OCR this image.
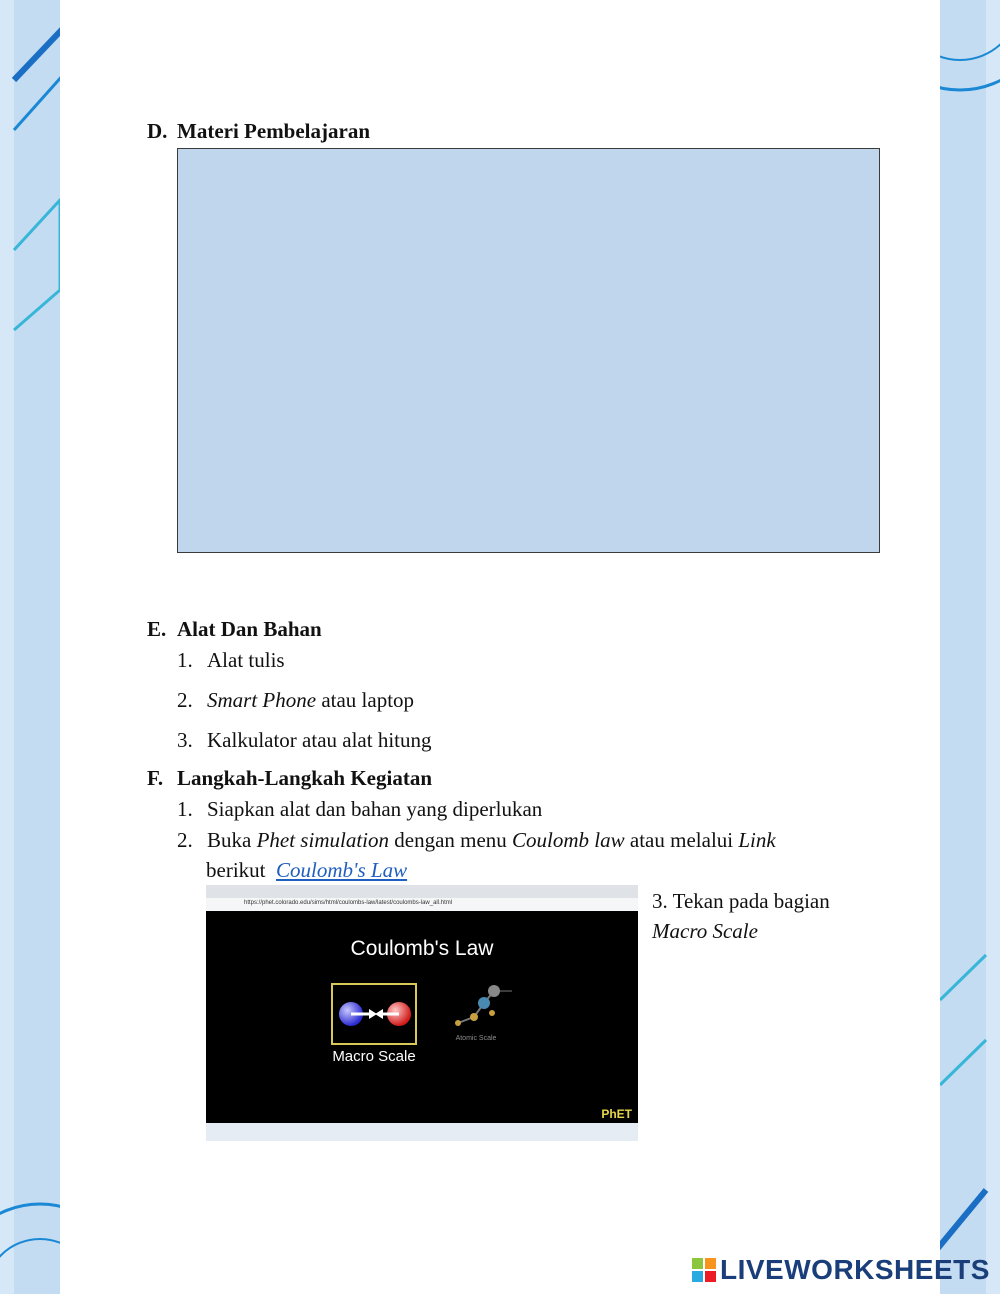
D. Materi Pembelajaran
E. Alat Dan Bahan
1. Alat tulis
2. Smart Phone atau laptop
3. Kalkulator atau alat hitung
F. Langkah-Langkah Kegiatan
1. Siapkan alat dan bahan yang diperlukan
2. Buka Phet simulation dengan menu Coulomb law atau melalui Link
berikut Coulomb's Law
https://phet.colorado.edu/sims/html/coulombs-law/latest/coulombs-law_all.html
Coulomb's Law
Macro Scale
Atomic Scale
PhET
3. Tekan pada bagian
Macro Scale
LIVEWORKSHEETS
